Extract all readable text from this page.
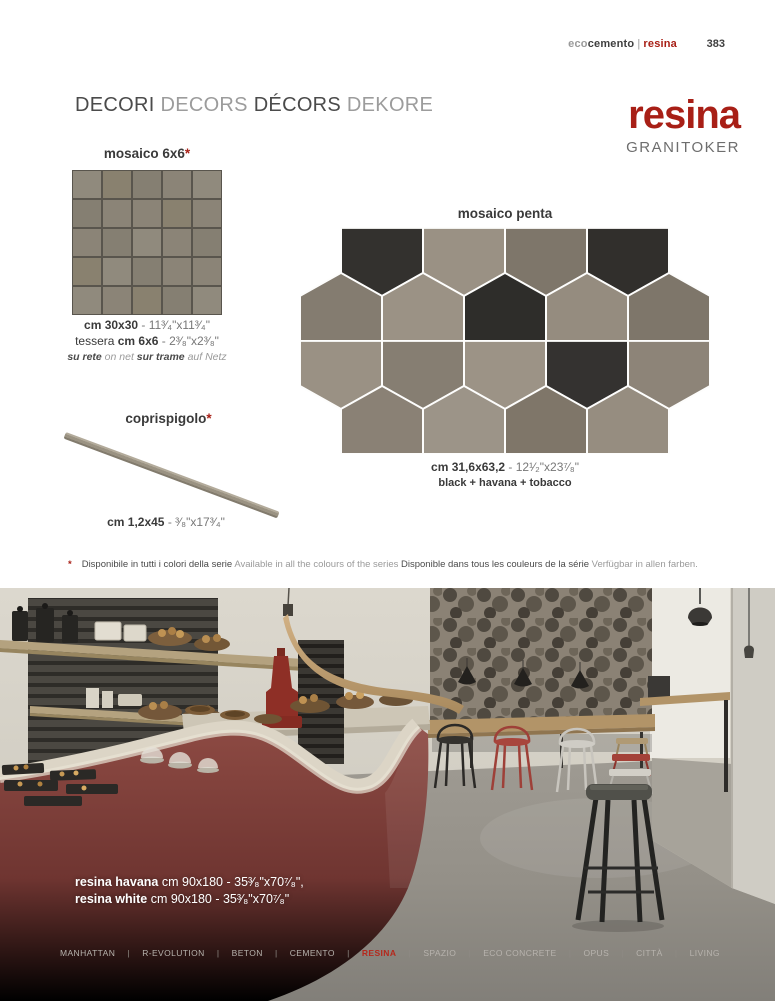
ecocemento | resina	383
DECORI DECORS DÉCORS DEKORE	resina
GRANITOKER
mosaico 6x6*
cm 30x30 - 11³⁄₄"x11³⁄₄"
tessera cm 6x6 - 2³⁄₈"x2³⁄₈"
su rete on net sur trame auf Netz
coprispigolo*
cm 1,2x45 - ³⁄₈"x17³⁄₄"
mosaico penta
cm 31,6x63,2 - 12¹⁄₂"x23⁷⁄₈"
black + havana + tobacco
* Disponibile in tutti i colori della serie Available in all the colours of the series Disponible dans tous les couleurs de la série Verfügbar in allen farben.
resina havana cm 90x180 - 35³⁄₈"x70⁷⁄₈",
resina white cm 90x180 - 35³⁄₈"x70⁷⁄₈"
MANHATTAN | R-EVOLUTION | BETON | CEMENTO | RESINA | SPAZIO | ECO CONCRETE | OPUS | CITTÀ | LIVING
